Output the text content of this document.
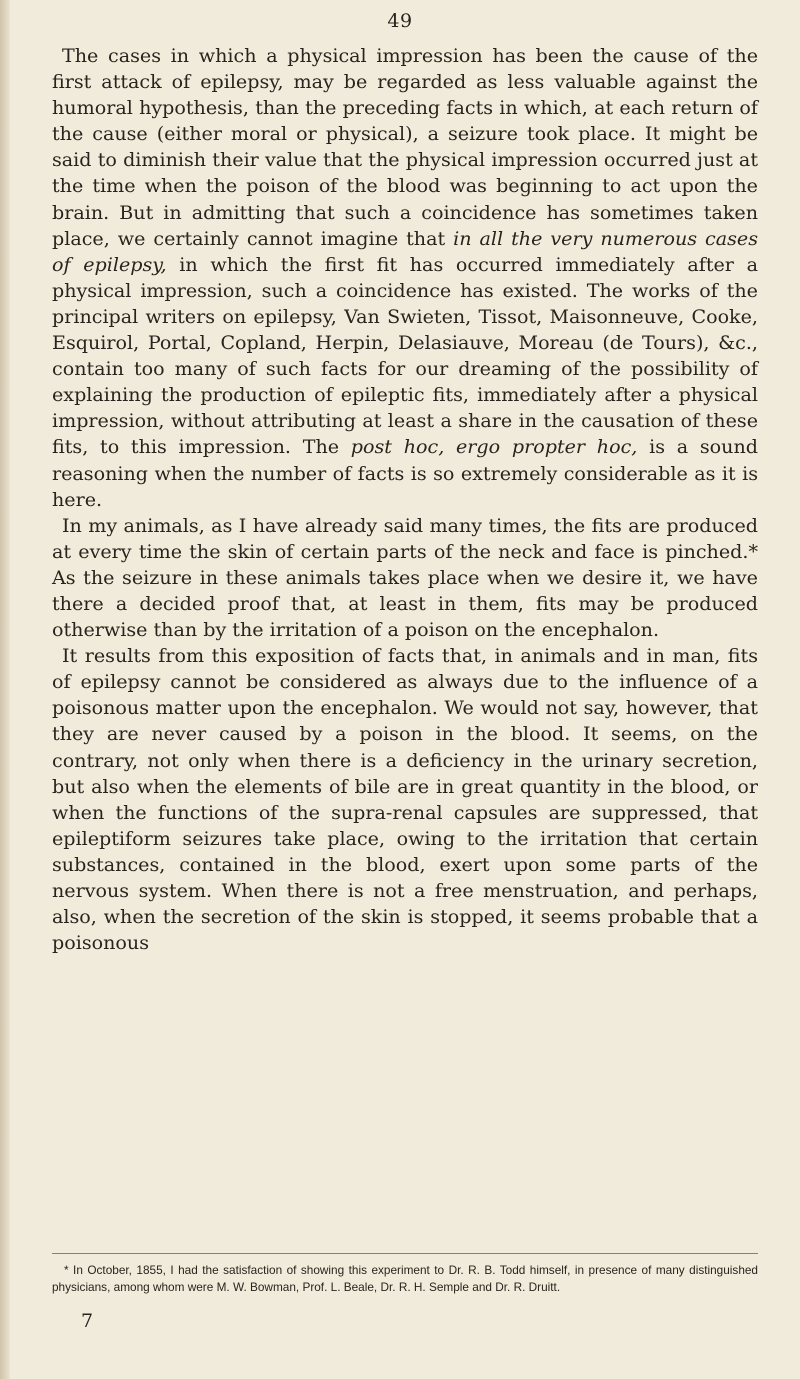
49

The cases in which a physical impression has been the cause of the first attack of epilepsy, may be regarded as less valuable against the humoral hypothesis, than the preceding facts in which, at each return of the cause (either moral or physical), a seizure took place. It might be said to diminish their value that the physical impression occurred just at the time when the poison of the blood was beginning to act upon the brain. But in admitting that such a coincidence has sometimes taken place, we certainly cannot imagine that in all the very numerous cases of epilepsy, in which the first fit has occurred immediately after a physical impression, such a coincidence has existed. The works of the principal writers on epilepsy, Van Swieten, Tissot, Maisonneuve, Cooke, Esquirol, Portal, Copland, Herpin, Delasiauve, Moreau (de Tours), &c., contain too many of such facts for our dreaming of the possibility of explaining the production of epileptic fits, immediately after a physical impression, without attributing at least a share in the causation of these fits, to this impression. The post hoc, ergo propter hoc, is a sound reasoning when the number of facts is so extremely considerable as it is here.

In my animals, as I have already said many times, the fits are produced at every time the skin of certain parts of the neck and face is pinched.* As the seizure in these animals takes place when we desire it, we have there a decided proof that, at least in them, fits may be produced otherwise than by the irritation of a poison on the encephalon.

It results from this exposition of facts that, in animals and in man, fits of epilepsy cannot be considered as always due to the influence of a poisonous matter upon the encephalon. We would not say, however, that they are never caused by a poison in the blood. It seems, on the contrary, not only when there is a deficiency in the urinary secretion, but also when the elements of bile are in great quantity in the blood, or when the functions of the supra-renal capsules are suppressed, that epileptiform seizures take place, owing to the irritation that certain substances, contained in the blood, exert upon some parts of the nervous system. When there is not a free menstruation, and perhaps, also, when the secretion of the skin is stopped, it seems probable that a poisonous

* In October, 1855, I had the satisfaction of showing this experiment to Dr. R. B. Todd himself, in presence of many distinguished physicians, among whom were M. W. Bowman, Prof. L. Beale, Dr. R. H. Semple and Dr. R. Druitt.

7
